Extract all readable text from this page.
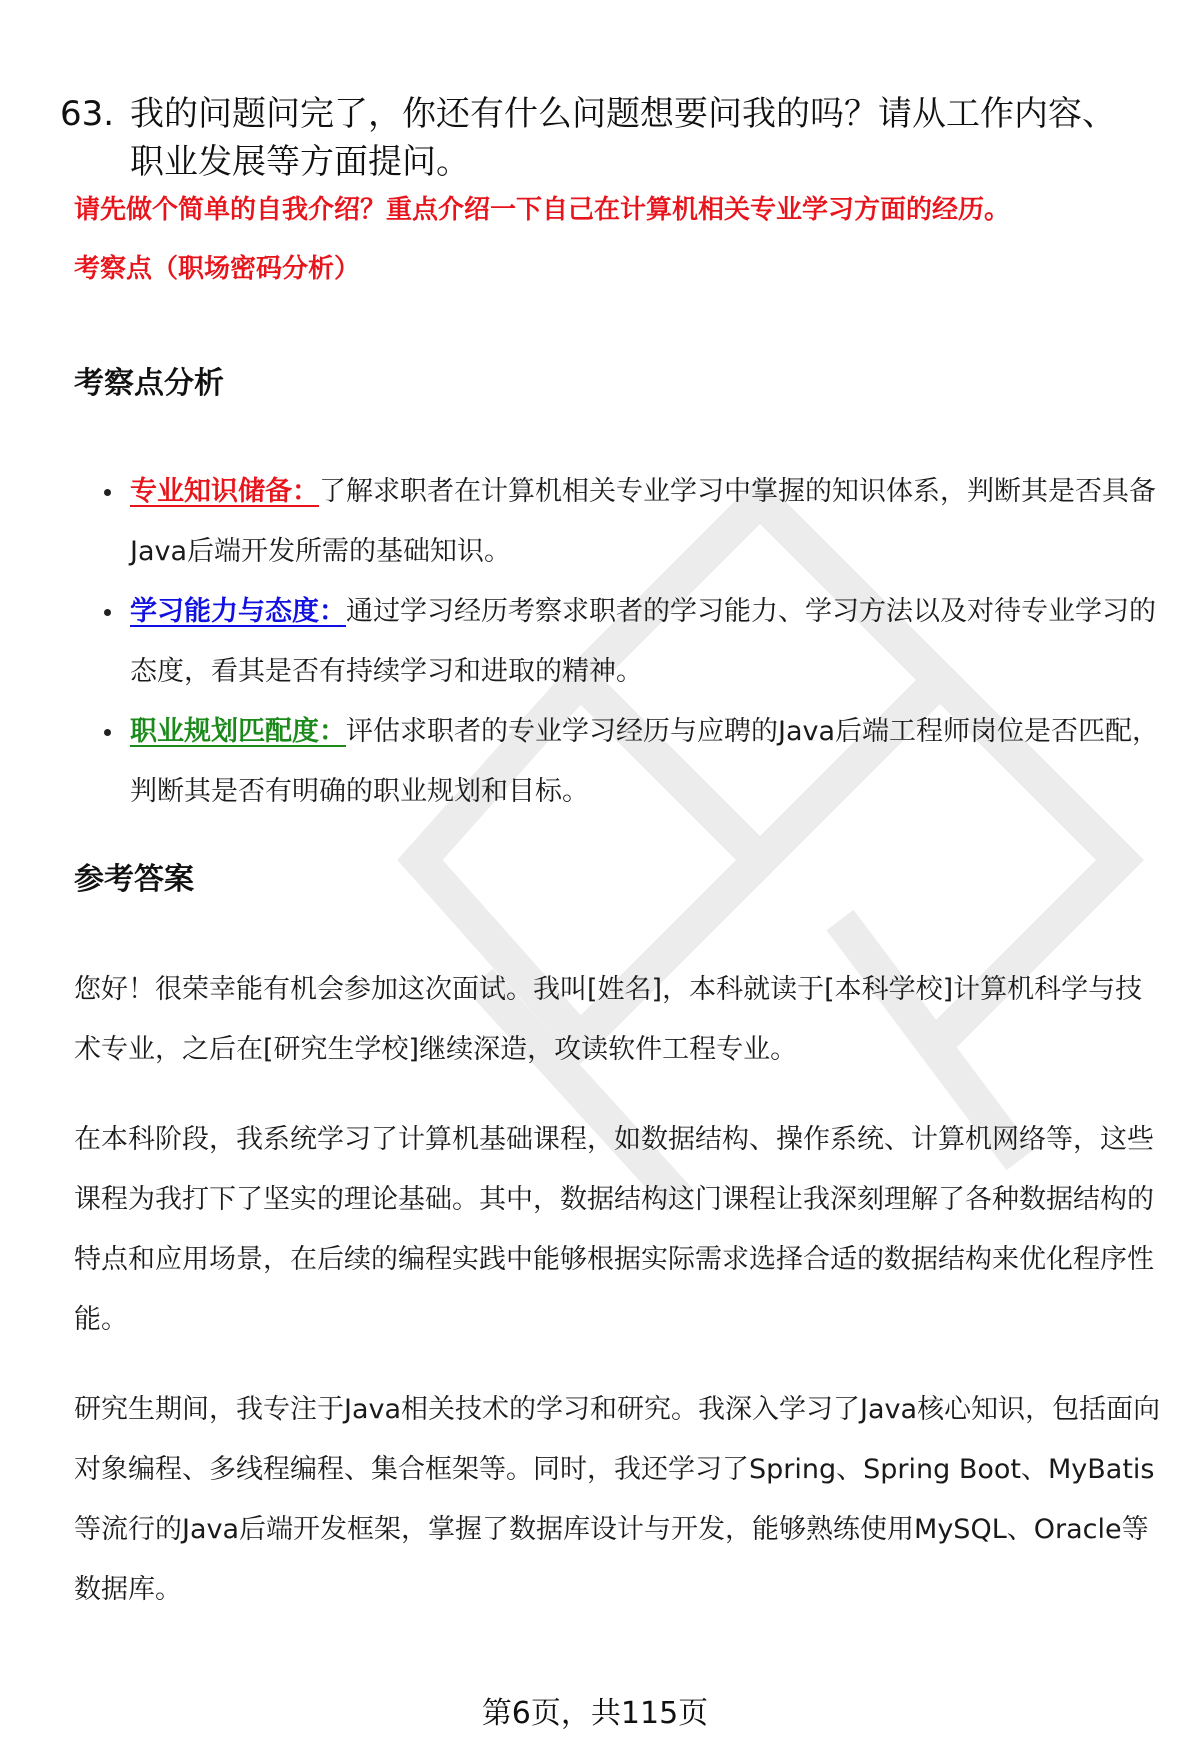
63. 我的问题问完了，你还有什么问题想要问我的吗？请从工作内容、职业发展等方面提问。
请先做个简单的自我介绍？重点介绍一下自己在计算机相关专业学习方面的经历。
考察点（职场密码分析）
考察点分析
专业知识储备：了解求职者在计算机相关专业学习中掌握的知识体系，判断其是否具备Java后端开发所需的基础知识。
学习能力与态度：通过学习经历考察求职者的学习能力、学习方法以及对待专业学习的态度，看其是否有持续学习和进取的精神。
职业规划匹配度：评估求职者的专业学习经历与应聘的Java后端工程师岗位是否匹配，判断其是否有明确的职业规划和目标。
参考答案

您好！很荣幸能有机会参加这次面试。我叫[姓名]，本科就读于[本科学校]计算机科学与技术专业，之后在[研究生学校]继续深造，攻读软件工程专业。

在本科阶段，我系统学习了计算机基础课程，如数据结构、操作系统、计算机网络等，这些课程为我打下了坚实的理论基础。其中，数据结构这门课程让我深刻理解了各种数据结构的特点和应用场景，在后续的编程实践中能够根据实际需求选择合适的数据结构来优化程序性能。

研究生期间，我专注于Java相关技术的学习和研究。我深入学习了Java核心知识，包括面向对象编程、多线程编程、集合框架等。同时，我还学习了Spring、Spring Boot、MyBatis等流行的Java后端开发框架，掌握了数据库设计与开发，能够熟练使用MySQL、Oracle等数据库。

第6页，共115页
